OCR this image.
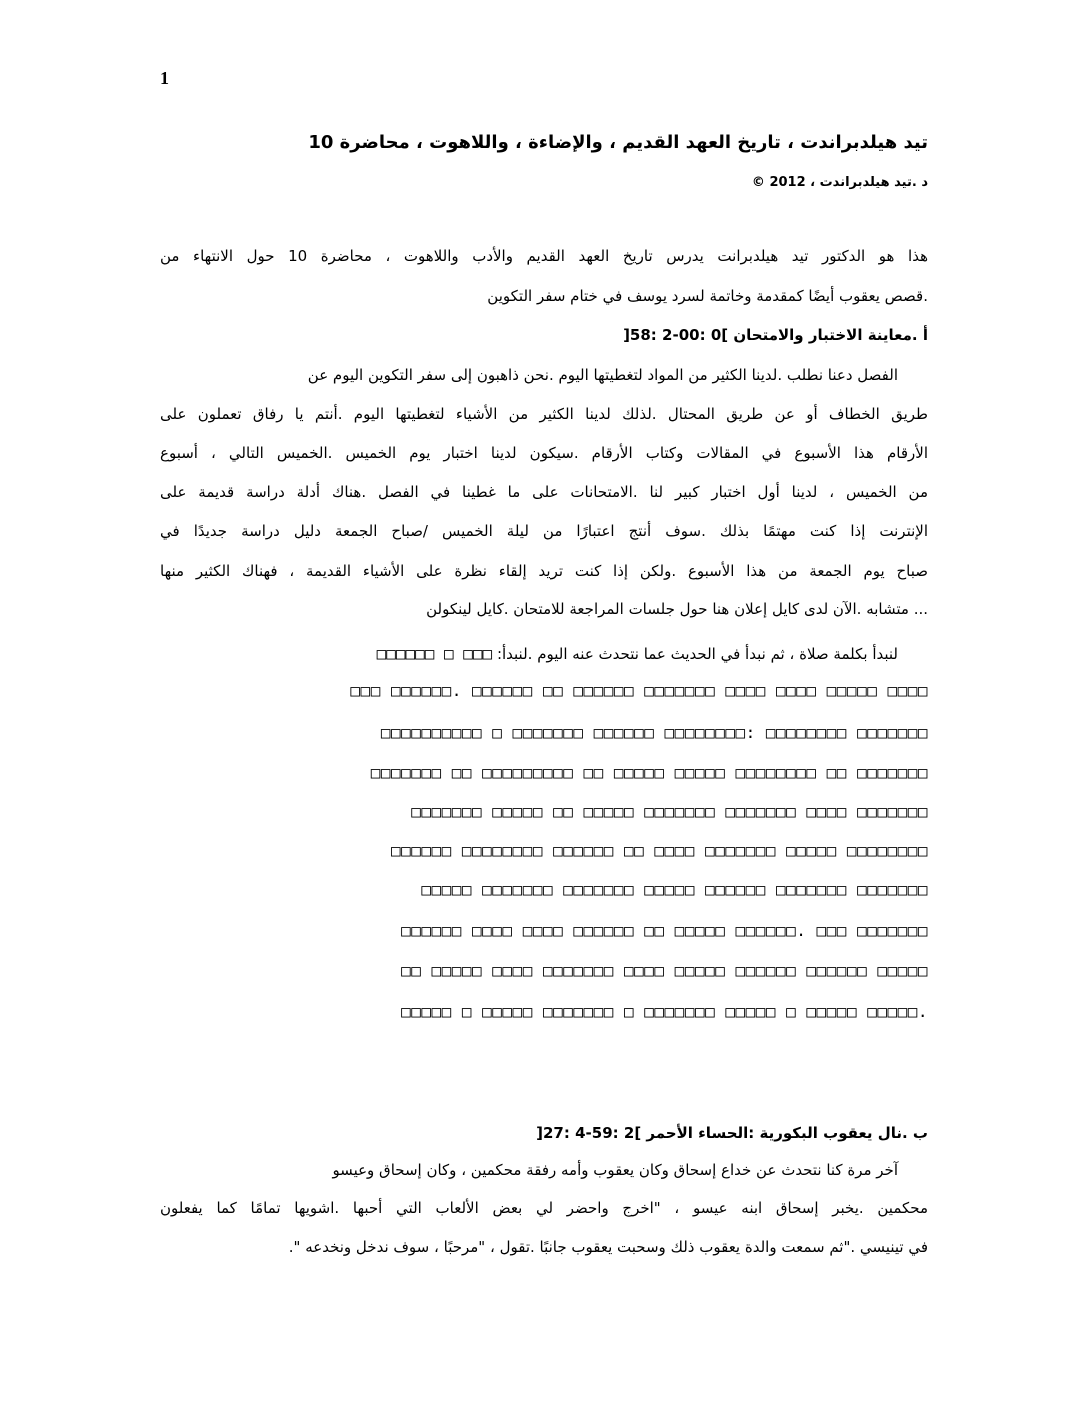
1
تيد هيلدبراندت ، تاريخ العهد القديم ، والإضاءة ، واللاهوت ، محاضرة 10
د .تيد هيلدبراندت ، 2012 ©
هذا هو الدكتور تيد هيلدبرانت يدرس تاريخ العهد القديم والأدب واللاهوت ، محاضرة 10 حول الانتهاء من
.قصص يعقوب أيضًا كمقدمة وخاتمة لسرد يوسف في ختام سفر التكوين
أ .معاينة الاختبار والامتحان ]0 :00-2 :58[
الفصل دعنا نطلب .لدينا الكثير من المواد لتغطيتها اليوم .نحن ذاهبون إلى سفر التكوين اليوم عن
طريق الخطاف أو عن طريق المحتال .لذلك لدينا الكثير من الأشياء لتغطيتها اليوم .أنتم يا رفاق تعملون على
الأرقام هذا الأسبوع في المقالات وكتاب الأرقام .سيكون لدينا اختبار يوم الخميس .الخميس التالي ، أسبوع
من الخميس ، لدينا أول اختبار كبير لنا .الامتحانات على ما غطينا في الفصل .هناك أدلة دراسة قديمة على
الإنترنت إذا كنت مهتمًا بذلك .سوف أنتج اعتبارًا من ليلة الخميس /صباح الجمعة دليل دراسة جديدًا في
صباح يوم الجمعة من هذا الأسبوع .ولكن إذا كنت تريد إلقاء نظرة على الأشياء القديمة ، فهناك الكثير منها
... متشابه .الآن لدى كايل إعلان هنا حول جلسات المراجعة للامتحان .كايل لينكولن
لنبدأ بكلمة صلاة ، ثم نبدأ في الحديث عما نتحدث عنه اليوم .لنبدأ: □□□□□□ □ □□□
□□□ □□□□□□. □□□□□□ □□ □□□□□□ □□□□□□□ □□□□ □□□□ □□□□□ □□□□
□□□□□□□□□□ □ □□□□□□□ □□□□□□ □□□□□□□□: □□□□□□□□ □□□□□□□
□□□□□□□ □□ □□□□□□□□□ □□ □□□□□ □□□□□ □□□□□□□□ □□ □□□□□□□
□□□□□□□ □□□□□ □□ □□□□□ □□□□□□□ □□□□□□□ □□□□ □□□□□□□
□□□□□□ □□□□□□□□ □□□□□□ □□ □□□□ □□□□□□□ □□□□□ □□□□□□□□
□□□□□ □□□□□□□ □□□□□□□ □□□□□ □□□□□□ □□□□□□□ □□□□□□□
□□□□□□ □□□□ □□□□ □□□□□□ □□ □□□□□ □□□□□□. □□□ □□□□□□□
□□ □□□□□ □□□□ □□□□□□□ □□□□ □□□□□ □□□□□□ □□□□□□ □□□□□
□□□□□ □ □□□□□ □□□□□□□ □ □□□□□□□ □□□□□ □ □□□□□ □□□□□.
ب .نال يعقوب البكورية :الحساء الأحمر ]2 :59-4 :27[
آخر مرة كنا نتحدث عن خداع إسحاق وكان يعقوب وأمه رفقة محكمين ، وكان إسحاق وعيسو
محكمين .يخبر إسحاق ابنه عيسو ، "اخرج واحضر لي بعض الألعاب التي أحبها .اشويها تمامًا كما يفعلون
في تينيسي ."ثم سمعت والدة يعقوب ذلك وسحبت يعقوب جانبًا .تقول ، "مرحبًا ، سوف ندخل ونخدعه ".
